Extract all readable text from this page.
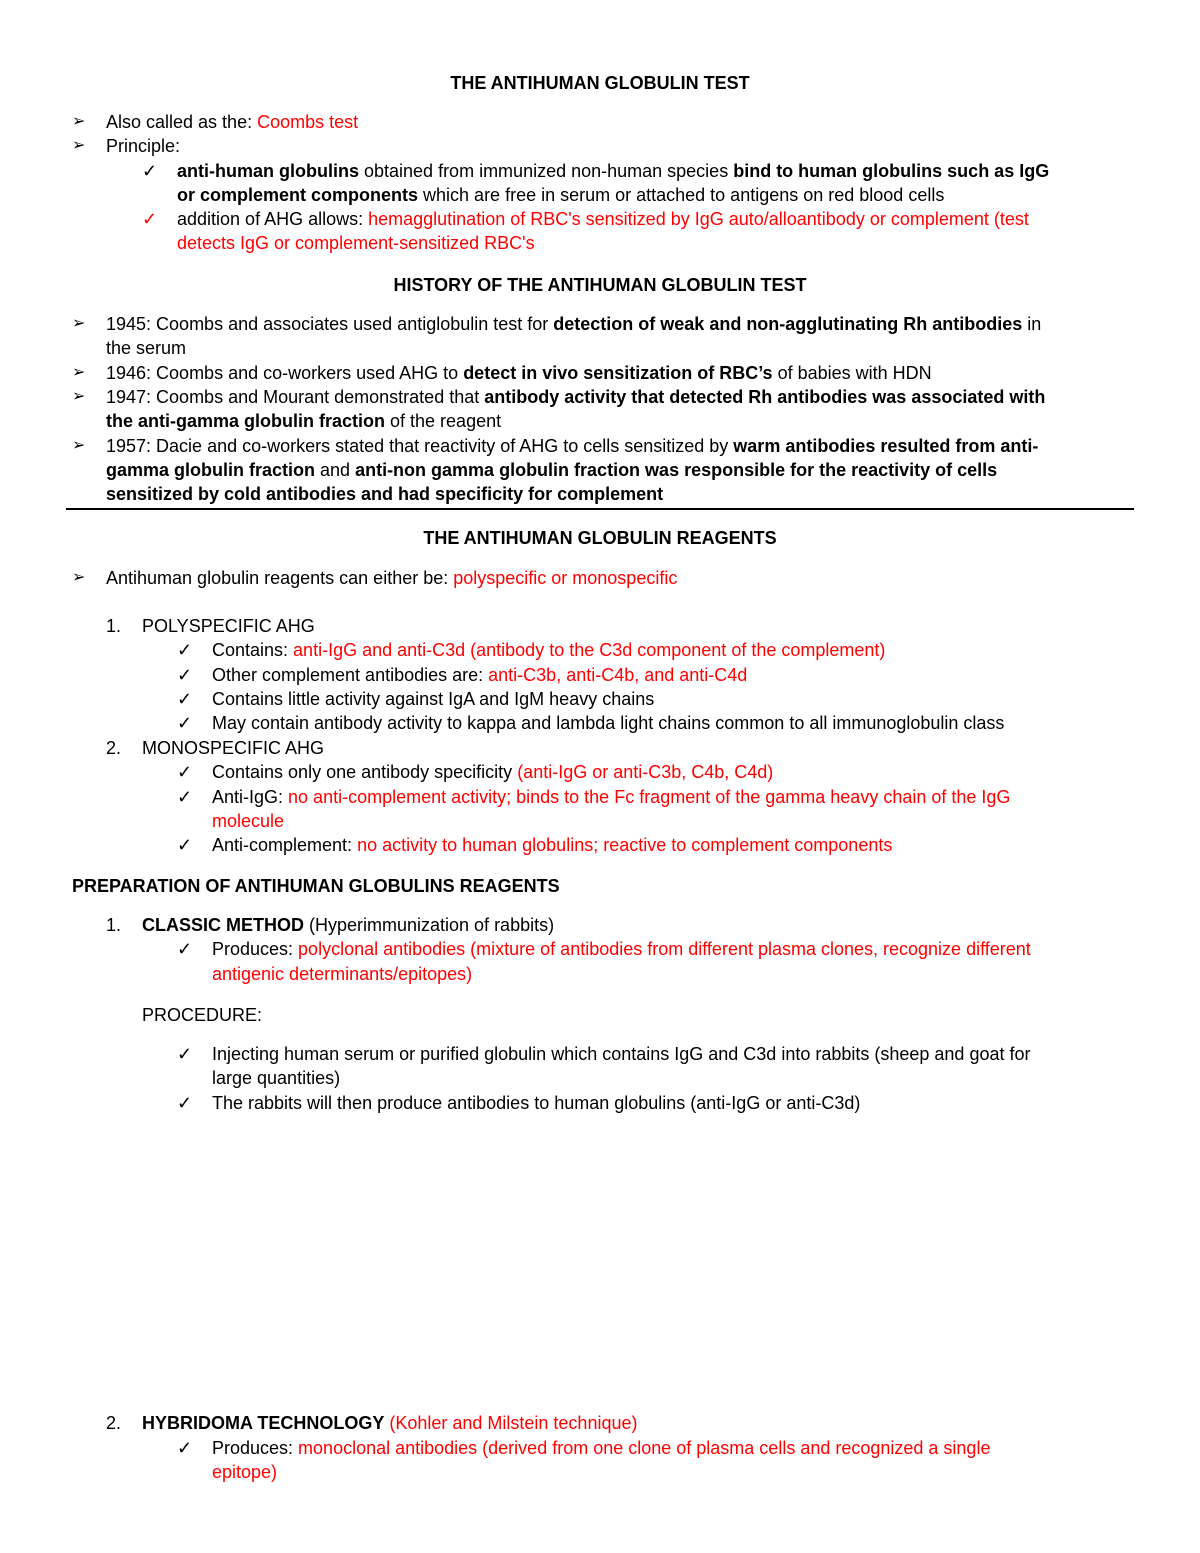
THE ANTIHUMAN GLOBULIN TEST
➢ Also called as the: Coombs test
➢ Principle:
✓ anti-human globulins obtained from immunized non-human species bind to human globulins such as IgG
or complement components which are free in serum or attached to antigens on red blood cells
✓ addition of AHG allows: hemagglutination of RBC's sensitized by IgG auto/alloantibody or complement (test
detects IgG or complement-sensitized RBC's
HISTORY OF THE ANTIHUMAN GLOBULIN TEST
➢ 1945: Coombs and associates used antiglobulin test for detection of weak and non-agglutinating Rh antibodies in
the serum
➢ 1946: Coombs and co-workers used AHG to detect in vivo sensitization of RBC’s of babies with HDN
➢ 1947: Coombs and Mourant demonstrated that antibody activity that detected Rh antibodies was associated with
the anti-gamma globulin fraction of the reagent
➢ 1957: Dacie and co-workers stated that reactivity of AHG to cells sensitized by warm antibodies resulted from anti-
gamma globulin fraction and anti-non gamma globulin fraction was responsible for the reactivity of cells
sensitized by cold antibodies and had specificity for complement
THE ANTIHUMAN GLOBULIN REAGENTS
➢ Antihuman globulin reagents can either be: polyspecific or monospecific
1. POLYSPECIFIC AHG
✓ Contains: anti-IgG and anti-C3d (antibody to the C3d component of the complement)
✓ Other complement antibodies are: anti-C3b, anti-C4b, and anti-C4d
✓ Contains little activity against IgA and IgM heavy chains
✓ May contain antibody activity to kappa and lambda light chains common to all immunoglobulin class
2. MONOSPECIFIC AHG
✓ Contains only one antibody specificity (anti-IgG or anti-C3b, C4b, C4d)
✓ Anti-IgG: no anti-complement activity; binds to the Fc fragment of the gamma heavy chain of the IgG
molecule
✓ Anti-complement: no activity to human globulins; reactive to complement components
PREPARATION OF ANTIHUMAN GLOBULINS REAGENTS
1. CLASSIC METHOD (Hyperimmunization of rabbits)
✓ Produces: polyclonal antibodies (mixture of antibodies from different plasma clones, recognize different
antigenic determinants/epitopes)
PROCEDURE:
✓ Injecting human serum or purified globulin which contains IgG and C3d into rabbits (sheep and goat for
large quantities)
✓ The rabbits will then produce antibodies to human globulins (anti-IgG or anti-C3d)
2. HYBRIDOMA TECHNOLOGY (Kohler and Milstein technique)
✓ Produces: monoclonal antibodies (derived from one clone of plasma cells and recognized a single
epitope)
